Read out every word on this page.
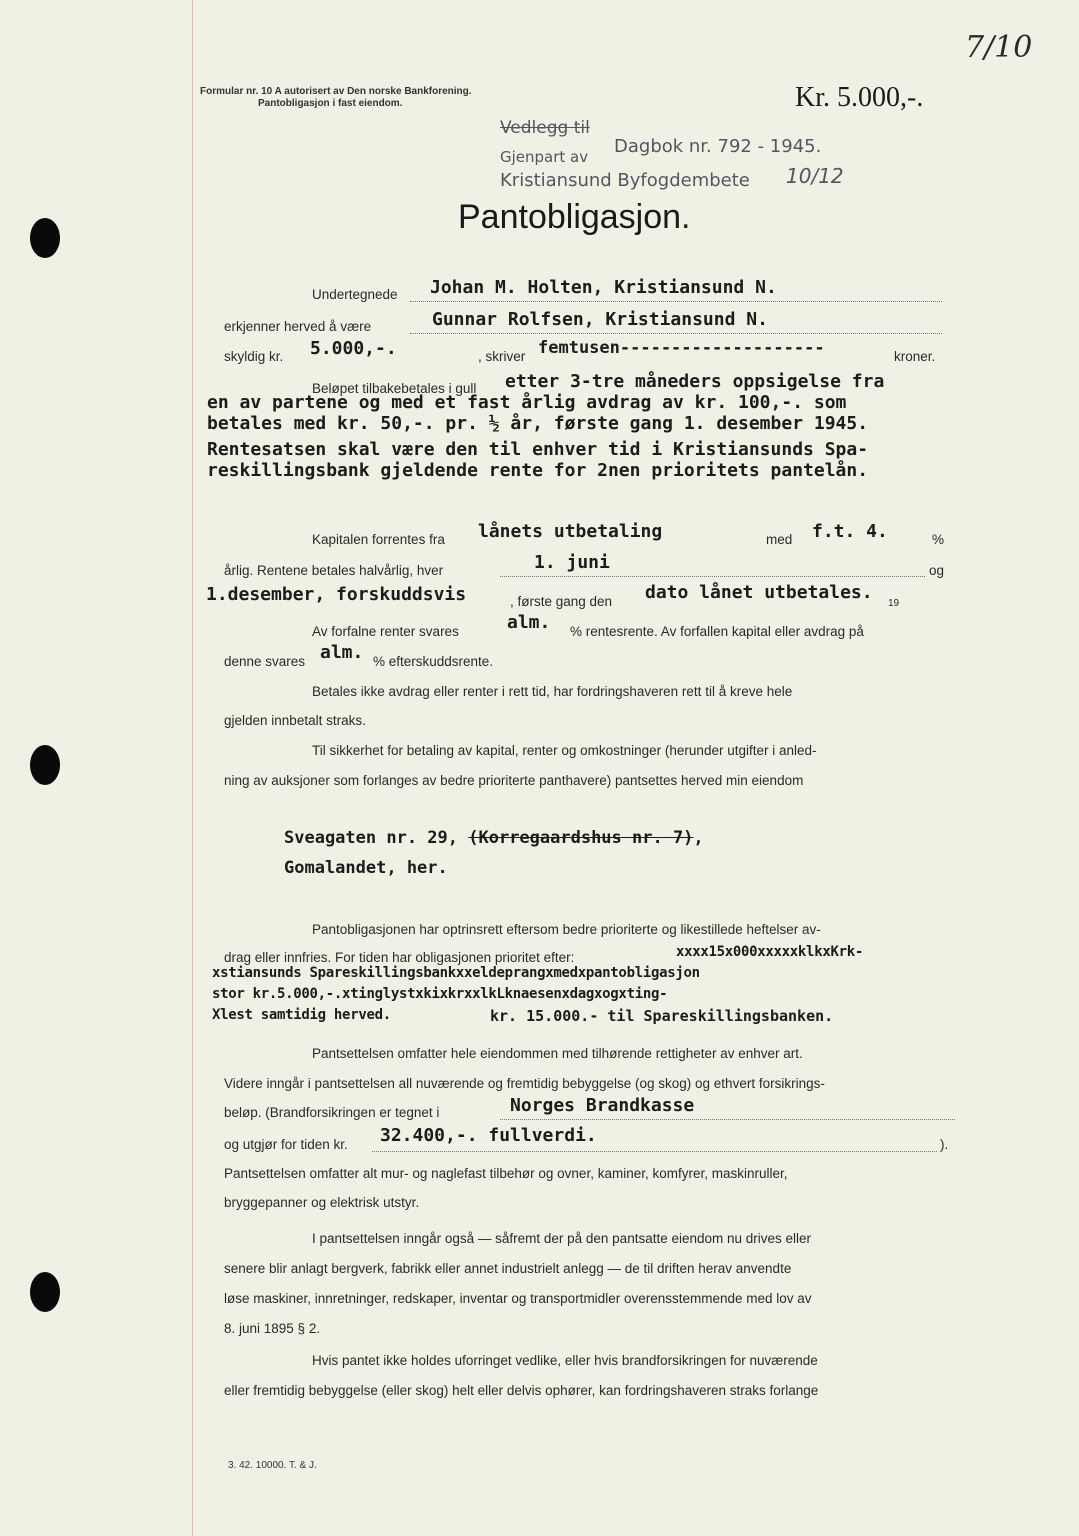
7/10
Formular nr. 10 A autorisert av Den norske Bankforening.
Pantobligasjon i fast eiendom.	Kr. 5.000,-.
Vedlegg til
Dagbok nr. 792 - 1945.
Gjenpart av
Kristiansund Byfogdembete 10/12
Pantobligasjon.
Undertegnede Johan M. Holten, Kristiansund N.
erkjenner herved å være	Gunnar Rolfsen, Kristiansund N.
skyldig kr. 5.000,-.	, skriver femtusen--------------------	kroner.
Beløpet tilbakebetales i gull etter 3-tre måneders oppsigelse fra
en av partene og med et fast årlig avdrag av kr. 100,-. som
betales med kr. 50,-. pr. ½ år, første gang 1. desember 1945.
Rentesatsen skal være den til enhver tid i Kristiansunds Spa-
reskillingsbank gjeldende rente for 2nen prioritets pantelån.
Kapitalen forrentes fra lånets utbetaling	med f.t. 4.	%
årlig. Rentene betales halvårlig, hver	1. juni	og
1.desember, forskuddsvis	, første gang den dato lånet utbetales.
19
Av forfalne renter svares	alm. % rentesrente. Av forfallen kapital eller avdrag på
denne svares alm. % efterskuddsrente.
Betales ikke avdrag eller renter i rett tid, har fordringshaveren rett til å kreve hele
gjelden innbetalt straks.
Til sikkerhet for betaling av kapital, renter og omkostninger (herunder utgifter i anled-
ning av auksjoner som forlanges av bedre prioriterte panthavere) pantsettes herved min eiendom
Sveagaten nr. 29, (Korregaardshus nr. 7),
Gomalandet, her.
Pantobligasjonen har optrinsrett eftersom bedre prioriterte og likestillede heftelser av-
drag eller innfries. For tiden har obligasjonen prioritet efter:	xxxx15x000xxxxxklkxKrk-
xstiansunds Spareskillingsbankxxeldeprangxmedxpantobligasjon
stor kr.5.000,-.xtinglystxkixkrxxlkLknaesenxdagxogxting-
Xlest samtidig herved.	kr. 15.000.- til Spareskillingsbanken.
Pantsettelsen omfatter hele eiendommen med tilhørende rettigheter av enhver art.
Videre inngår i pantsettelsen all nuværende og fremtidig bebyggelse (og skog) og ethvert forsikrings-
beløp. (Brandforsikringen er tegnet i	Norges Brandkasse
og utgjør for tiden kr. 32.400,-. fullverdi.	).
Pantsettelsen omfatter alt mur- og naglefast tilbehør og ovner, kaminer, komfyrer, maskinruller,
bryggepanner og elektrisk utstyr.
I pantsettelsen inngår også — såfremt der på den pantsatte eiendom nu drives eller
senere blir anlagt bergverk, fabrikk eller annet industrielt anlegg — de til driften herav anvendte
løse maskiner, innretninger, redskaper, inventar og transportmidler overensstemmende med lov av
8. juni 1895 § 2.
Hvis pantet ikke holdes uforringet vedlike, eller hvis brandforsikringen for nuværende
eller fremtidig bebyggelse (eller skog) helt eller delvis ophører, kan fordringshaveren straks forlange
3. 42. 10000. T. & J.
